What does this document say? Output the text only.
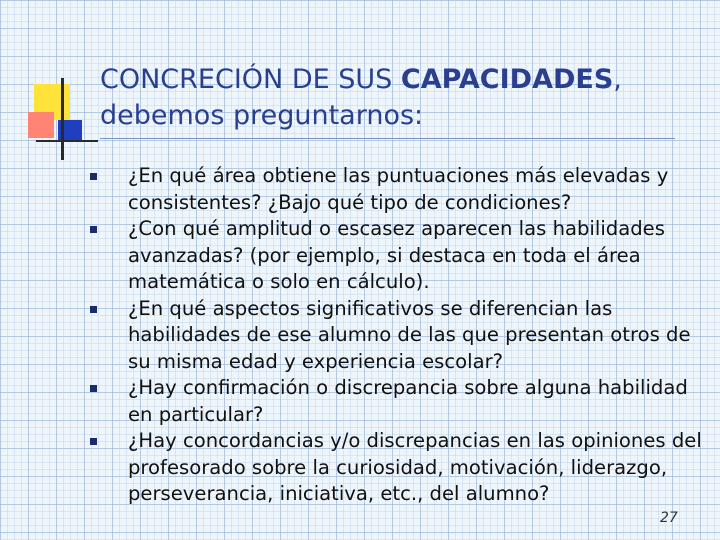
CONCRECIÓN DE SUS CAPACIDADES,
debemos preguntarnos:
¿En qué área obtiene las puntuaciones más elevadas y consistentes? ¿Bajo qué tipo de condiciones?
¿Con qué amplitud o escasez aparecen las habilidades avanzadas? (por ejemplo, si destaca en toda el área matemática o solo en cálculo).
¿En qué aspectos significativos se diferencian las habilidades de ese alumno de las que presentan otros de su misma edad y experiencia escolar?
¿Hay confirmación o discrepancia sobre alguna habilidad en particular?
¿Hay concordancias y/o discrepancias en las opiniones del profesorado sobre la curiosidad, motivación, liderazgo, perseverancia, iniciativa, etc., del alumno?
27
